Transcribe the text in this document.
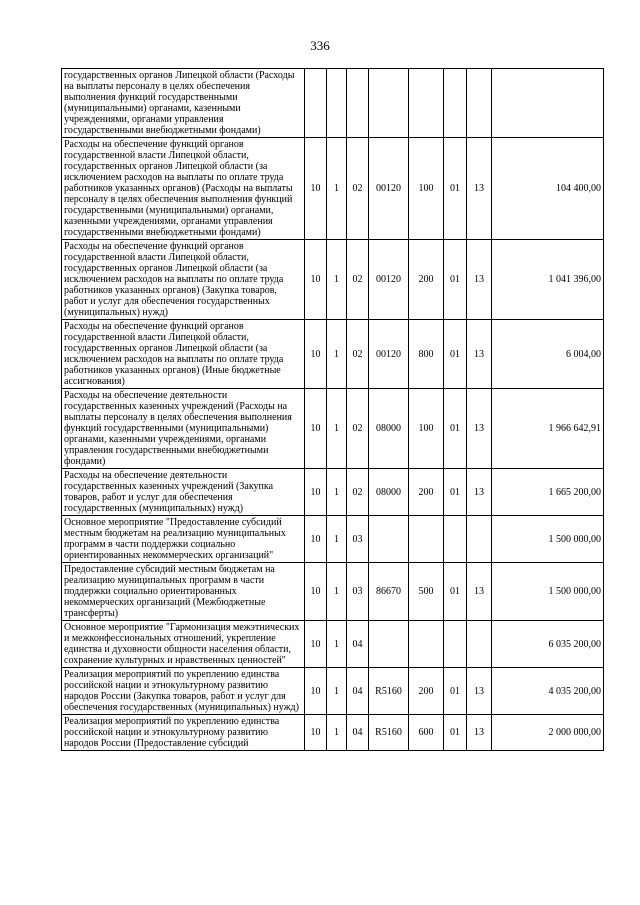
336
государственных органов Липецкой области (Расходы на выплаты персоналу в целях обеспечения выполнения функций государственными (муниципальными) органами, казенными учреждениями, органами управления государственными внебюджетными фондами)								
Расходы на обеспечение функций органов государственной власти Липецкой области, государственных органов Липецкой области (за исключением расходов на выплаты по оплате труда работников указанных органов) (Расходы на выплаты персоналу в целях обеспечения выполнения функций государственными (муниципальными) органами, казенными учреждениями, органами управления государственными внебюджетными фондами)	10	1	02	00120	100	01	13	104 400,00
Расходы на обеспечение функций органов государственной власти Липецкой области, государственных органов Липецкой области (за исключением расходов на выплаты по оплате труда работников указанных органов) (Закупка товаров, работ и услуг для обеспечения государственных (муниципальных) нужд)	10	1	02	00120	200	01	13	1 041 396,00
Расходы на обеспечение функций органов государственной власти Липецкой области, государственных органов Липецкой области (за исключением расходов на выплаты по оплате труда работников указанных органов) (Иные бюджетные ассигнования)	10	1	02	00120	800	01	13	6 004,00
Расходы на обеспечение деятельности государственных казенных учреждений (Расходы на выплаты персоналу в целях обеспечения выполнения функций государственными (муниципальными) органами, казенными учреждениями, органами управления государственными внебюджетными фондами)	10	1	02	08000	100	01	13	1 966 642,91
Расходы на обеспечение деятельности государственных казенных учреждений (Закупка товаров, работ и услуг для обеспечения государственных (муниципальных) нужд)	10	1	02	08000	200	01	13	1 665 200,00
Основное мероприятие "Предоставление субсидий местным бюджетам на реализацию муниципальных программ в части поддержки социально ориентированных некоммерческих организаций"	10	1	03					1 500 000,00
Предоставление субсидий местным бюджетам на реализацию муниципальных программ в части поддержки социально ориентированных некоммерческих организаций (Межбюджетные трансферты)	10	1	03	86670	500	01	13	1 500 000,00
Основное мероприятие "Гармонизация межэтнических и межконфессиональных отношений, укрепление единства и духовности общности населения области, сохранение культурных и нравственных ценностей"	10	1	04					6 035 200,00
Реализация мероприятий по укреплению единства российской нации и этнокультурному развитию народов России (Закупка товаров, работ и услуг для обеспечения государственных (муниципальных) нужд)	10	1	04	R5160	200	01	13	4 035 200,00
Реализация мероприятий по укреплению единства российской нации и этнокультурному развитию народов России (Предоставление субсидий	10	1	04	R5160	600	01	13	2 000 000,00
